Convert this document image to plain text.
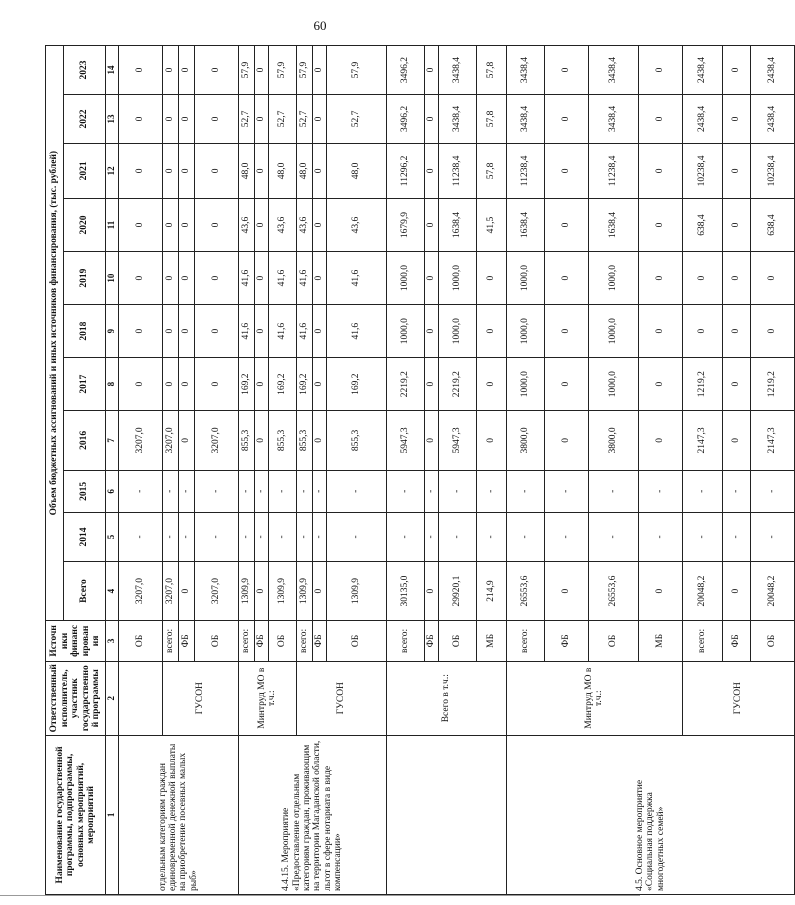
60
Наименование государственной программы, подпрограммы, основных мероприятий, мероприятий	Ответственный исполнитель, участник государственной программы	Источники финансирования	Объем бюджетных ассигнований и иных источников финансирования, (тыс. рублей)										
			Всего	2014	2015	2016	2017	2018	2019	2020	2021	2022	2023
1	2	3	4	5	6	7	8	9	10	11	12	13	14
отдельным категориям граждан единовременной денежной выплаты на приобретение посевных малых рыб»		ОБ	3207,0	-	-	3207,0	0	0	0	0	0	0	0
	ГУСОН	всего:	3207,0	-	-	3207,0	0	0	0	0	0	0	0
		ФБ	0	-	-	0	0	0	0	0	0	0	0
		ОБ	3207,0	-	-	3207,0	0	0	0	0	0	0	0
4.4.15. Мероприятие «Предоставление отдельным категориям граждан, проживающим на территории Магаданской области, льгот в сфере нотариата в виде компенсации»	Минтруд МО в т.ч.:	всего:	1309,9	-	-	855,3	169,2	41,6	41,6	43,6	48,0	52,7	57,9
		ФБ	0	-	-	0	0	0	0	0	0	0	0
		ОБ	1309,9	-	-	855,3	169,2	41,6	41,6	43,6	48,0	52,7	57,9
	ГУСОН	всего:	1309,9	-	-	855,3	169,2	41,6	41,6	43,6	48,0	52,7	57,9
		ФБ	0	-	-	0	0	0	0	0	0	0	0
		ОБ	1309,9	-	-	855,3	169,2	41,6	41,6	43,6	48,0	52,7	57,9
	Всего в т.ч.:	всего:	30135,0	-	-	5947,3	2219,2	1000,0	1000,0	1679,9	11296,2	3496,2	3496,2
		ФБ	0	-	-	0	0	0	0	0	0	0	0
		ОБ	29920,1	-	-	5947,3	2219,2	1000,0	1000,0	1638,4	11238,4	3438,4	3438,4
		МБ	214,9	-	-	0	0	0	0	41,5	57,8	57,8	57,8
4.5. Основное мероприятие «Социальная поддержка многодетных семей»	Минтруд МО в т.ч.:	всего:	26553,6	-	-	3800,0	1000,0	1000,0	1000,0	1638,4	11238,4	3438,4	3438,4
		ФБ	0	-	-	0	0	0	0	0	0	0	0
		ОБ	26553,6	-	-	3800,0	1000,0	1000,0	1000,0	1638,4	11238,4	3438,4	3438,4
		МБ	0	-	-	0	0	0	0	0	0	0	0
	ГУСОН	всего:	20048,2	-	-	2147,3	1219,2	0	0	638,4	10238,4	2438,4	2438,4
		ФБ	0	-	-	0	0	0	0	0	0	0	0
		ОБ	20048,2	-	-	2147,3	1219,2	0	0	638,4	10238,4	2438,4	2438,4
